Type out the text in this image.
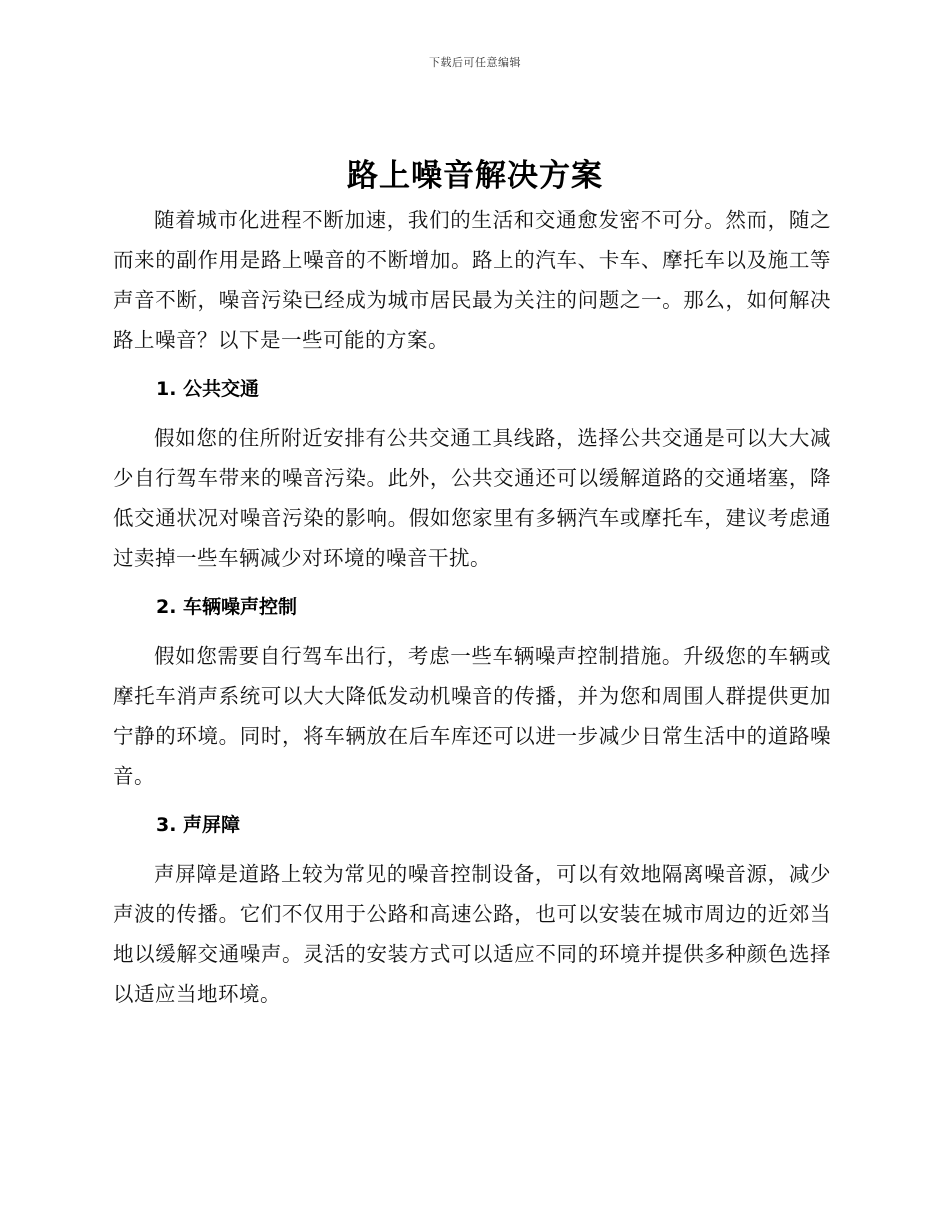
下载后可任意编辑
路上噪音解决方案

随着城市化进程不断加速，我们的生活和交通愈发密不可分。然而，随之而来的副作用是路上噪音的不断增加。路上的汽车、卡车、摩托车以及施工等声音不断，噪音污染已经成为城市居民最为关注的问题之一。那么，如何解决路上噪音？以下是一些可能的方案。

1. 公共交通

假如您的住所附近安排有公共交通工具线路，选择公共交通是可以大大减少自行驾车带来的噪音污染。此外，公共交通还可以缓解道路的交通堵塞，降低交通状况对噪音污染的影响。假如您家里有多辆汽车或摩托车，建议考虑通过卖掉一些车辆减少对环境的噪音干扰。

2. 车辆噪声控制

假如您需要自行驾车出行，考虑一些车辆噪声控制措施。升级您的车辆或摩托车消声系统可以大大降低发动机噪音的传播，并为您和周围人群提供更加宁静的环境。同时，将车辆放在后车库还可以进一步减少日常生活中的道路噪音。

3. 声屏障

声屏障是道路上较为常见的噪音控制设备，可以有效地隔离噪音源，减少声波的传播。它们不仅用于公路和高速公路，也可以安装在城市周边的近郊当地以缓解交通噪声。灵活的安装方式可以适应不同的环境并提供多种颜色选择以适应当地环境。
